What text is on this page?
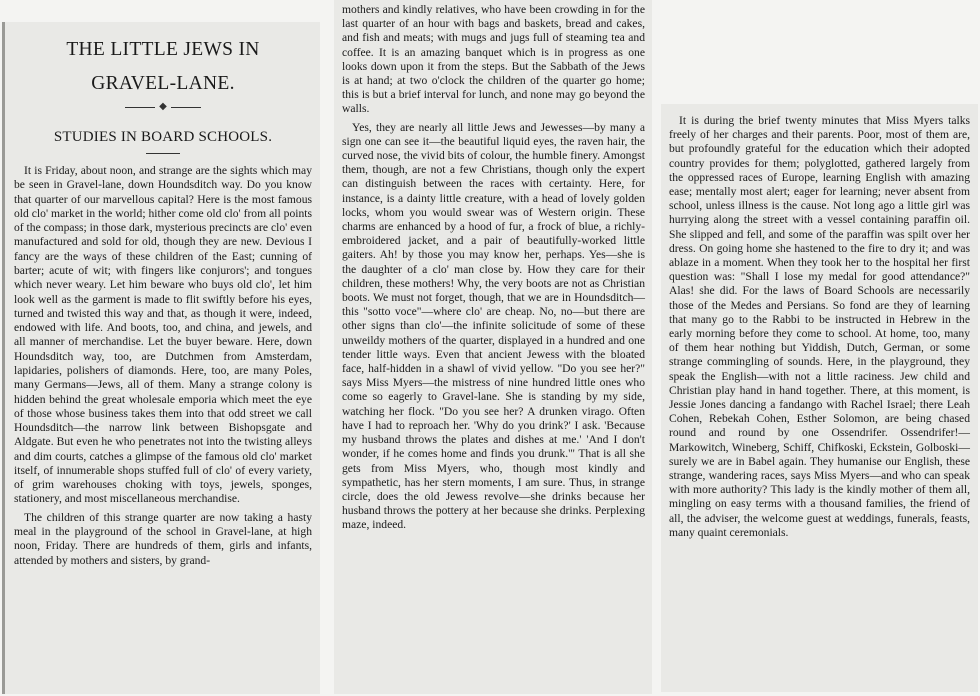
THE LITTLE JEWS IN
GRAVEL-LANE.
◆
STUDIES IN BOARD SCHOOLS.

It is Friday, about noon, and strange are the sights which may be seen in Gravel-lane, down Houndsditch way. Do you know that quarter of our marvellous capital? Here is the most famous old clo' market in the world; hither come old clo' from all points of the compass; in those dark, mysterious precincts are clo' even manufactured and sold for old, though they are new. Devious I fancy are the ways of these children of the East; cunning of barter; acute of wit; with fingers like conjurors'; and tongues which never weary. Let him beware who buys old clo', let him look well as the garment is made to flit swiftly before his eyes, turned and twisted this way and that, as though it were, indeed, endowed with life. And boots, too, and china, and jewels, and all manner of merchandise. Let the buyer beware. Here, down Houndsditch way, too, are Dutchmen from Amsterdam, lapidaries, polishers of diamonds. Here, too, are many Poles, many Germans—Jews, all of them. Many a strange colony is hidden behind the great wholesale emporia which meet the eye of those whose business takes them into that odd street we call Houndsditch—the narrow link between Bishopsgate and Aldgate. But even he who penetrates not into the twisting alleys and dim courts, catches a glimpse of the famous old clo' market itself, of innumerable shops stuffed full of clo' of every variety, of grim warehouses choking with toys, jewels, sponges, stationery, and most miscellaneous merchandise.

The children of this strange quarter are now taking a hasty meal in the playground of the school in Gravel-lane, at high noon, Friday. There are hundreds of them, girls and infants, attended by mothers and sisters, by grand-

mothers and kindly relatives, who have been crowding in for the last quarter of an hour with bags and baskets, bread and cakes, and fish and meats; with mugs and jugs full of steaming tea and coffee. It is an amazing banquet which is in progress as one looks down upon it from the steps. But the Sabbath of the Jews is at hand; at two o'clock the children of the quarter go home; this is but a brief interval for lunch, and none may go beyond the walls.

Yes, they are nearly all little Jews and Jewesses—by many a sign one can see it—the beautiful liquid eyes, the raven hair, the curved nose, the vivid bits of colour, the humble finery. Amongst them, though, are not a few Christians, though only the expert can distinguish between the races with certainty. Here, for instance, is a dainty little creature, with a head of lovely golden locks, whom you would swear was of Western origin. These charms are enhanced by a hood of fur, a frock of blue, a richly-embroidered jacket, and a pair of beautifully-worked little gaiters. Ah! by those you may know her, perhaps. Yes—she is the daughter of a clo' man close by. How they care for their children, these mothers! Why, the very boots are not as Christian boots. We must not forget, though, that we are in Houndsditch—this "sotto voce"—where clo' are cheap. No, no—but there are other signs than clo'—the infinite solicitude of some of these unweildy mothers of the quarter, displayed in a hundred and one tender little ways. Even that ancient Jewess with the bloated face, half-hidden in a shawl of vivid yellow. "Do you see her?" says Miss Myers—the mistress of nine hundred little ones who come so eagerly to Gravel-lane. She is standing by my side, watching her flock. "Do you see her? A drunken virago. Often have I had to reproach her. 'Why do you drink?' I ask. 'Because my husband throws the plates and dishes at me.' 'And I don't wonder, if he comes home and finds you drunk.'" That is all she gets from Miss Myers, who, though most kindly and sympathetic, has her stern moments, I am sure. Thus, in strange circle, does the old Jewess revolve—she drinks because her husband throws the pottery at her because she drinks. Perplexing maze, indeed.

It is during the brief twenty minutes that Miss Myers talks freely of her charges and their parents. Poor, most of them are, but profoundly grateful for the education which their adopted country provides for them; polyglotted, gathered largely from the oppressed races of Europe, learning English with amazing ease; mentally most alert; eager for learning; never absent from school, unless illness is the cause. Not long ago a little girl was hurrying along the street with a vessel containing paraffin oil. She slipped and fell, and some of the paraffin was spilt over her dress. On going home she hastened to the fire to dry it; and was ablaze in a moment. When they took her to the hospital her first question was: "Shall I lose my medal for good attendance?" Alas! she did. For the laws of Board Schools are necessarily those of the Medes and Persians. So fond are they of learning that many go to the Rabbi to be instructed in Hebrew in the early morning before they come to school. At home, too, many of them hear nothing but Yiddish, Dutch, German, or some strange commingling of sounds. Here, in the playground, they speak the English—with not a little raciness. Jew child and Christian play hand in hand together. There, at this moment, is Jessie Jones dancing a fandango with Rachel Israel; there Leah Cohen, Rebekah Cohen, Esther Solomon, are being chased round and round by one Ossendrifer. Ossendrifer!—Markowitch, Wineberg, Schiff, Chifkoski, Eckstein, Golboski—surely we are in Babel again. They humanise our English, these strange, wandering races, says Miss Myers—and who can speak with more authority? This lady is the kindly mother of them all, mingling on easy terms with a thousand families, the friend of all, the adviser, the welcome guest at weddings, funerals, feasts, many quaint ceremonials.
